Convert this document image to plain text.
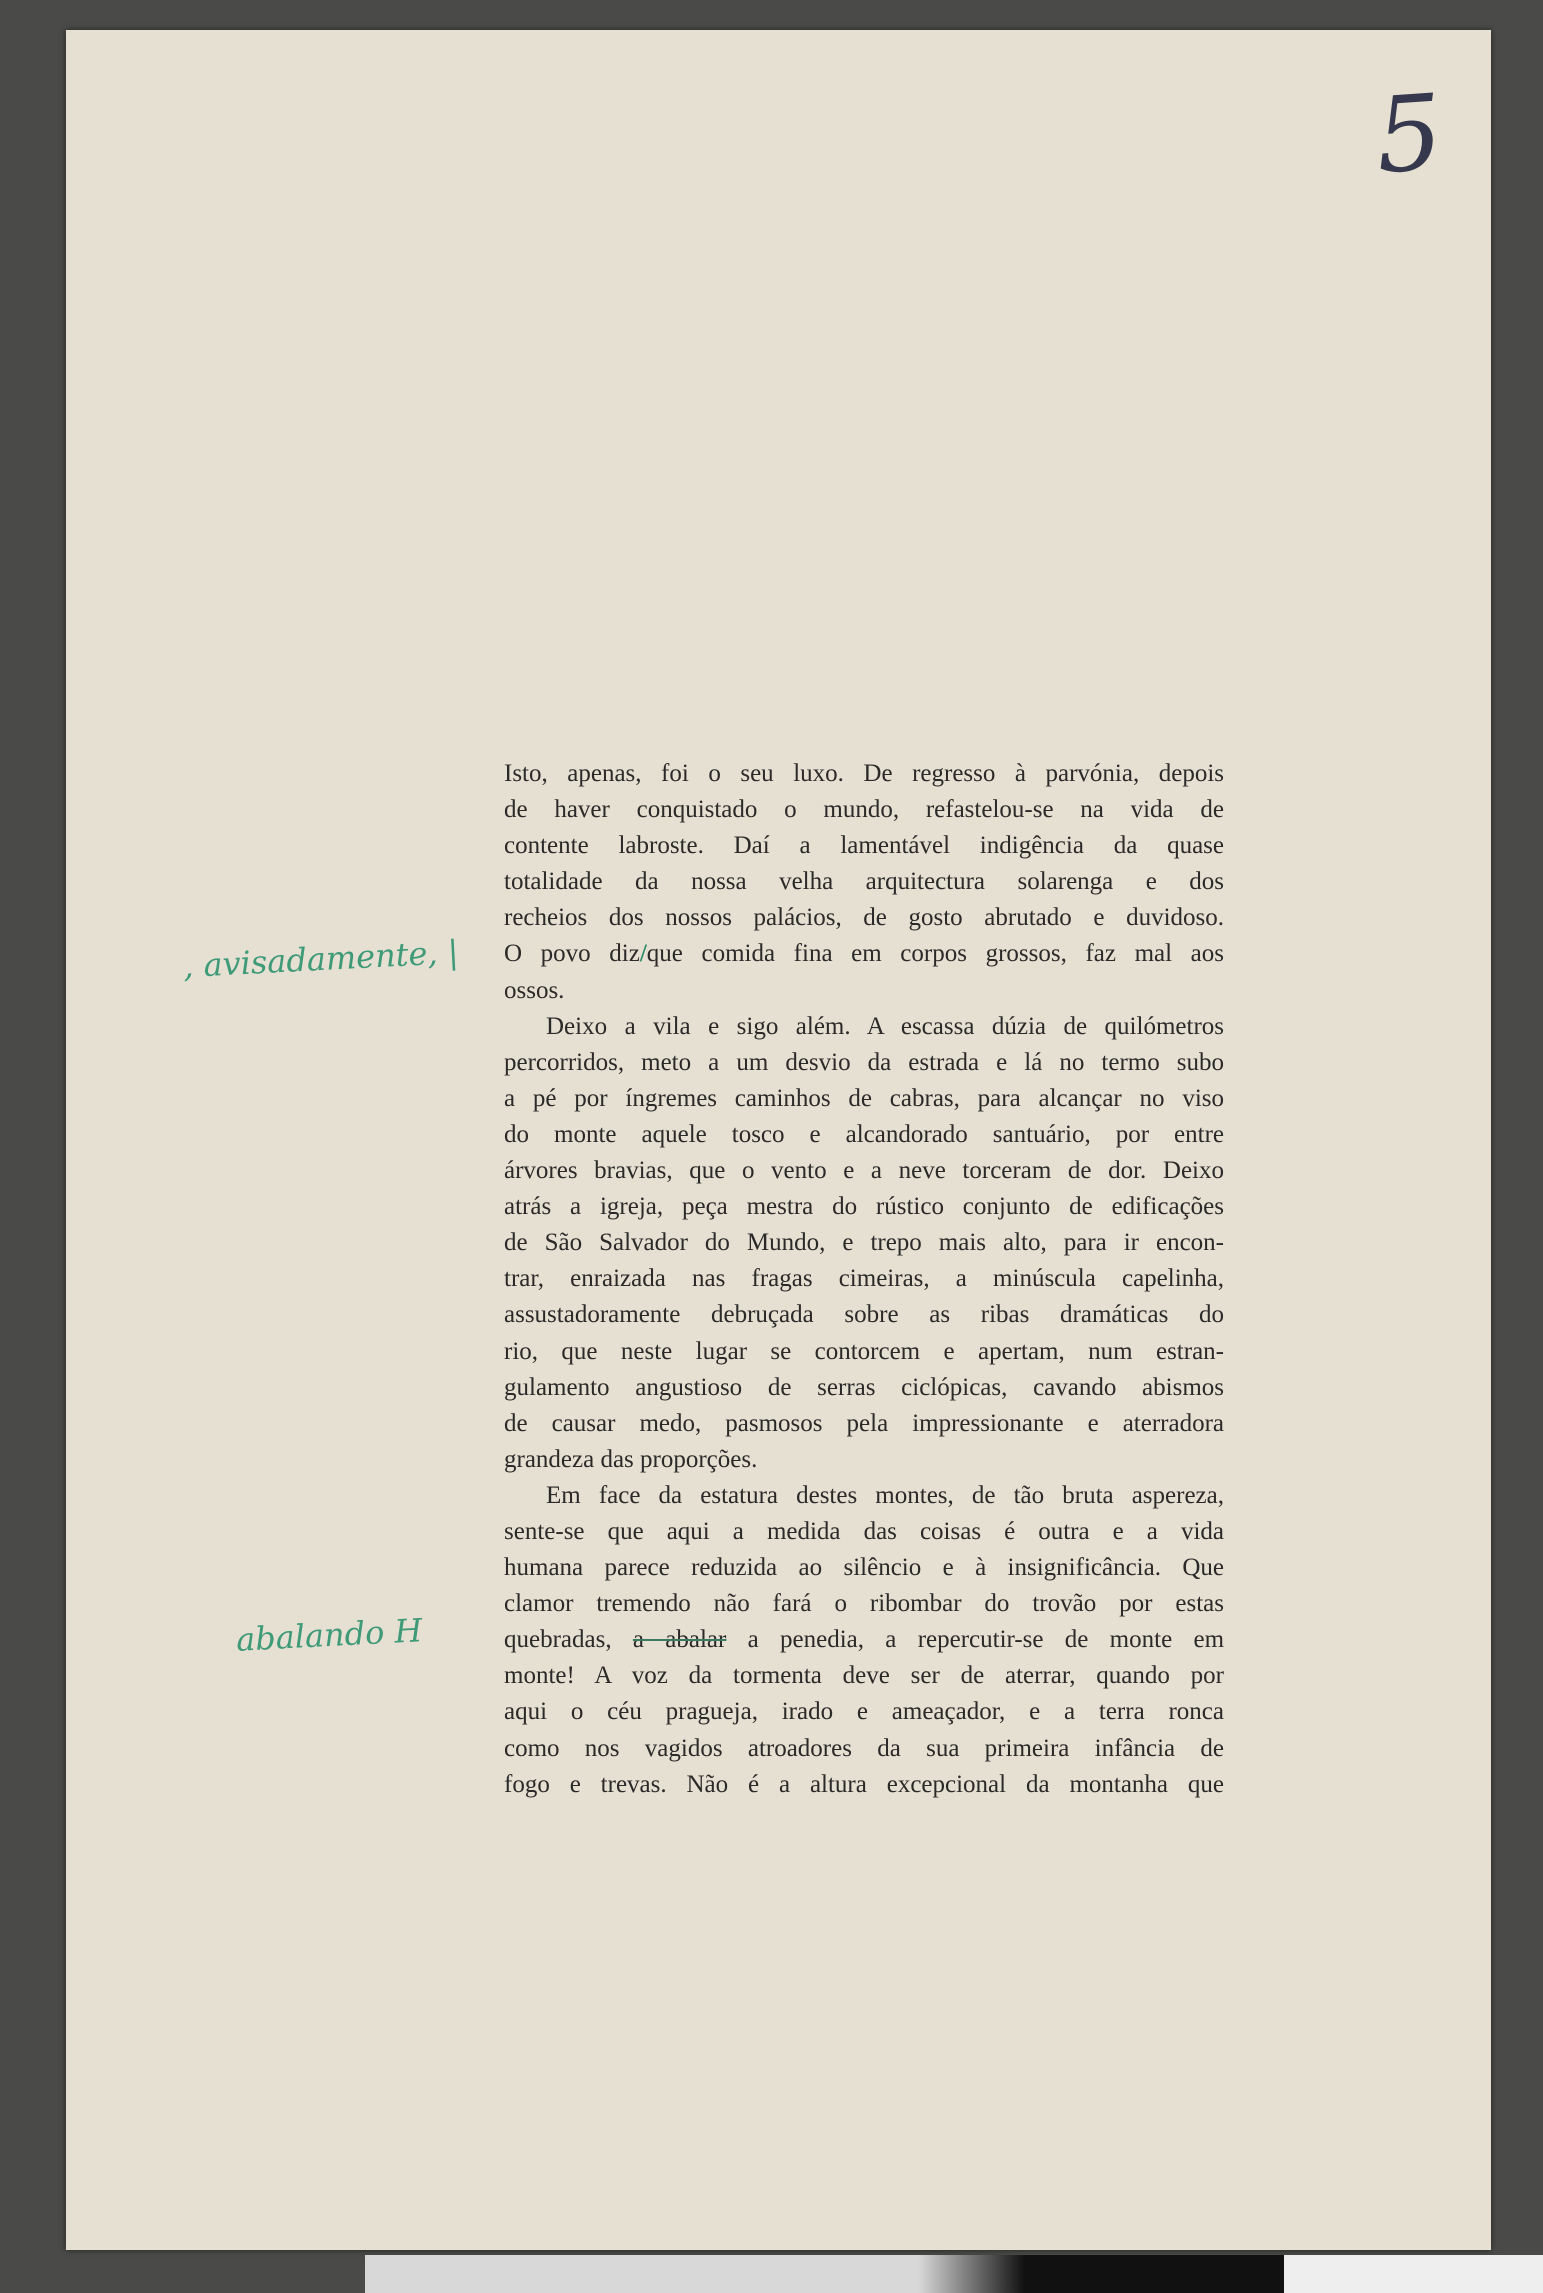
5
, avisadamente, |
abalando H

Isto, apenas, foi o seu luxo. De regresso à parvónia, depois
de haver conquistado o mundo, refastelou-se na vida de
contente labroste. Daí a lamentável indigência da quase
totalidade da nossa velha arquitectura solarenga e dos
recheios dos nossos palácios, de gosto abrutado e duvidoso.
O povo diz/que comida fina em corpos grossos, faz mal aos
ossos.

Deixo a vila e sigo além. A escassa dúzia de quilómetros
percorridos, meto a um desvio da estrada e lá no termo subo
a pé por íngremes caminhos de cabras, para alcançar no viso
do monte aquele tosco e alcandorado santuário, por entre
árvores bravias, que o vento e a neve torceram de dor. Deixo
atrás a igreja, peça mestra do rústico conjunto de edificações
de São Salvador do Mundo, e trepo mais alto, para ir encon-
trar, enraizada nas fragas cimeiras, a minúscula capelinha,
assustadoramente debruçada sobre as ribas dramáticas do
rio, que neste lugar se contorcem e apertam, num estran-
gulamento angustioso de serras ciclópicas, cavando abismos
de causar medo, pasmosos pela impressionante e aterradora
grandeza das proporções.

Em face da estatura destes montes, de tão bruta aspereza,
sente-se que aqui a medida das coisas é outra e a vida
humana parece reduzida ao silêncio e à insignificância. Que
clamor tremendo não fará o ribombar do trovão por estas
quebradas, a abalar a penedia, a repercutir-se de monte em
monte! A voz da tormenta deve ser de aterrar, quando por
aqui o céu pragueja, irado e ameaçador, e a terra ronca
como nos vagidos atroadores da sua primeira infância de
fogo e trevas. Não é a altura excepcional da montanha que
